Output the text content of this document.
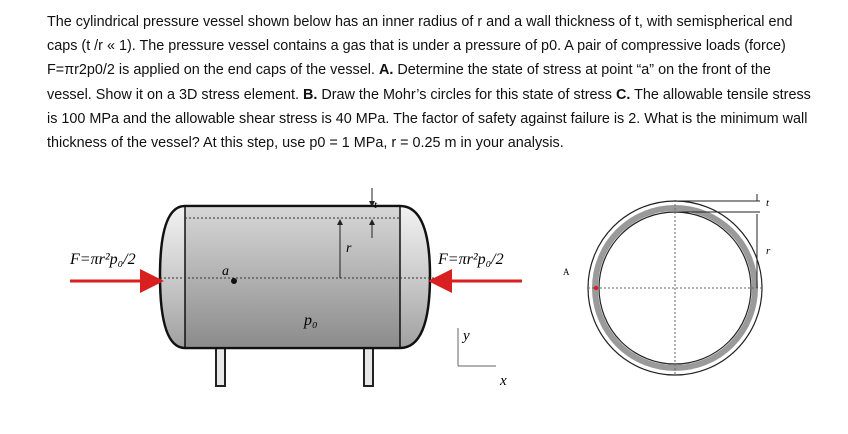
The cylindrical pressure vessel shown below has an inner radius of r and a wall thickness of t, with semispherical end caps (t /r « 1). The pressure vessel contains a gas that is under a pressure of p0. A pair of compressive loads (force) F=πr2p0/2 is applied on the end caps of the vessel. A. Determine the state of stress at point “a” on the front of the vessel. Show it on a 3D stress element. B. Draw the Mohr’s circles for this state of stress C. The allowable tensile stress is 100 MPa and the allowable shear stress is 40 MPa. The factor of safety against failure is 2. What is the minimum wall thickness of the vessel? At this step, use p0 = 1 MPa, r = 0.25 m in your analysis.

r
t
a
p₀
F=πr²p₀/2	F=πr²p₀/2
y
x
t
r
A
